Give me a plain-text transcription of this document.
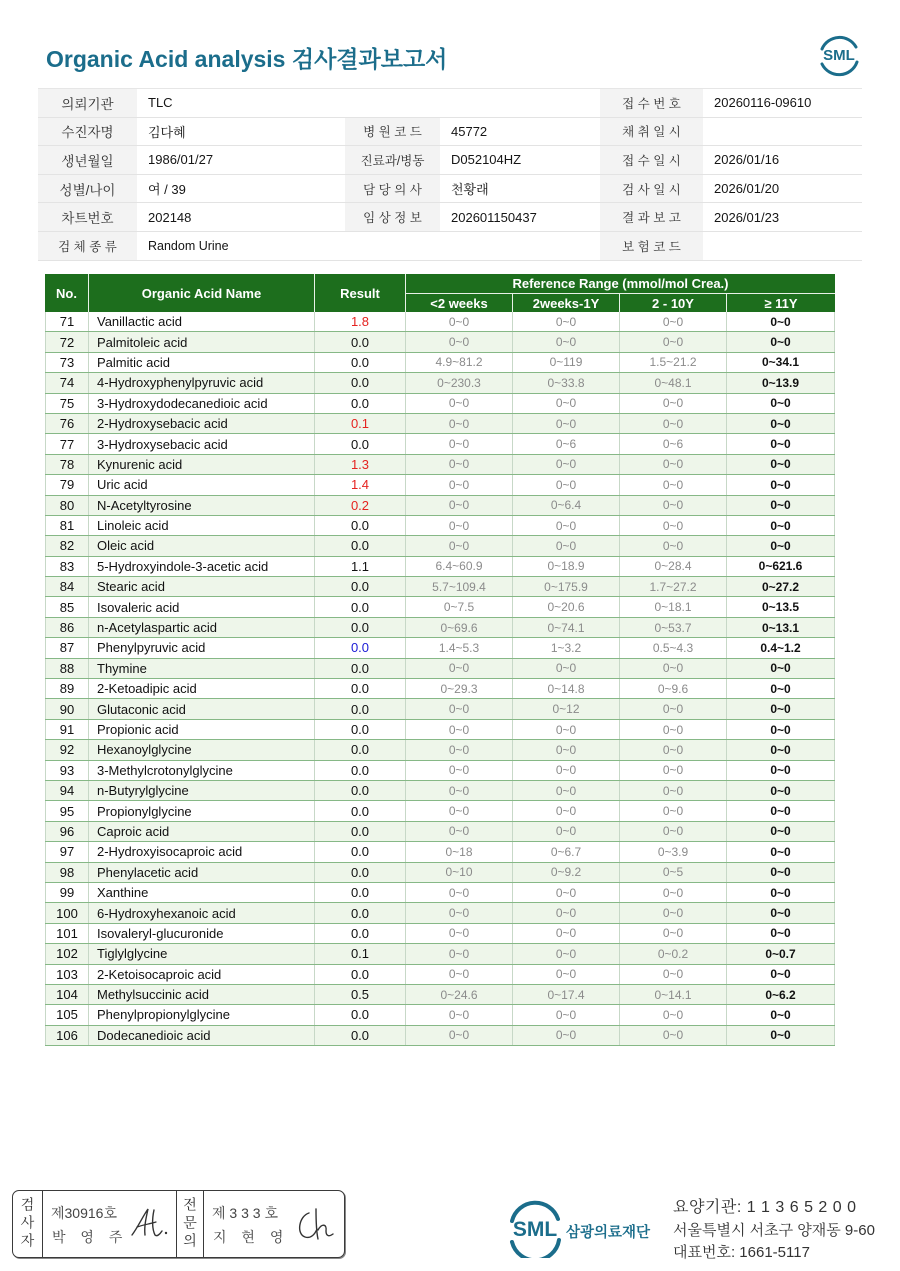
Organic Acid analysis 검사결과보고서	SML
의뢰기관	TLC	접 수 번 호	20260116-09610
수진자명	김다혜	병 원 코 드	45772	채 취 일 시
생년월일	1986/01/27	진료과/병동	D052104HZ	접 수 일 시	2026/01/16
성별/나이	여 / 39	담 당 의 사	천황래	검 사 일 시	2026/01/20
차트번호	202148	임 상 정 보	202601150437	결 과 보 고	2026/01/23
검 체 종 류	Random Urine	보 험 코 드
No.	Organic Acid Name	Result
Reference Range (mmol/mol Crea.)
<2 weeks	2weeks-1Y	2 - 10Y	≥ 11Y
71	Vanillactic acid	1.8	0~0	0~0	0~0	0~0
72	Palmitoleic acid	0.0	0~0	0~0	0~0	0~0
73	Palmitic acid	0.0	4.9~81.2	0~119	1.5~21.2	0~34.1
74	4-Hydroxyphenylpyruvic acid	0.0	0~230.3	0~33.8	0~48.1	0~13.9
75	3-Hydroxydodecanedioic acid	0.0	0~0	0~0	0~0	0~0
76	2-Hydroxysebacic acid	0.1	0~0	0~0	0~0	0~0
77	3-Hydroxysebacic acid	0.0	0~0	0~6	0~6	0~0
78	Kynurenic acid	1.3	0~0	0~0	0~0	0~0
79	Uric acid	1.4	0~0	0~0	0~0	0~0
80	N-Acetyltyrosine	0.2	0~0	0~6.4	0~0	0~0
81	Linoleic acid	0.0	0~0	0~0	0~0	0~0
82	Oleic acid	0.0	0~0	0~0	0~0	0~0
83	5-Hydroxyindole-3-acetic acid	1.1	6.4~60.9	0~18.9	0~28.4	0~621.6
84	Stearic acid	0.0	5.7~109.4	0~175.9	1.7~27.2	0~27.2
85	Isovaleric acid	0.0	0~7.5	0~20.6	0~18.1	0~13.5
86	n-Acetylaspartic acid	0.0	0~69.6	0~74.1	0~53.7	0~13.1
87	Phenylpyruvic acid	0.0	1.4~5.3	1~3.2	0.5~4.3	0.4~1.2
88	Thymine	0.0	0~0	0~0	0~0	0~0
89	2-Ketoadipic acid	0.0	0~29.3	0~14.8	0~9.6	0~0
90	Glutaconic acid	0.0	0~0	0~12	0~0	0~0
91	Propionic acid	0.0	0~0	0~0	0~0	0~0
92	Hexanoylglycine	0.0	0~0	0~0	0~0	0~0
93	3-Methylcrotonylglycine	0.0	0~0	0~0	0~0	0~0
94	n-Butyrylglycine	0.0	0~0	0~0	0~0	0~0
95	Propionylglycine	0.0	0~0	0~0	0~0	0~0
96	Caproic acid	0.0	0~0	0~0	0~0	0~0
97	2-Hydroxyisocaproic acid	0.0	0~18	0~6.7	0~3.9	0~0
98	Phenylacetic acid	0.0	0~10	0~9.2	0~5	0~0
99	Xanthine	0.0	0~0	0~0	0~0	0~0
100	6-Hydroxyhexanoic acid	0.0	0~0	0~0	0~0	0~0
101	Isovaleryl-glucuronide	0.0	0~0	0~0	0~0	0~0
102	Tiglylglycine	0.1	0~0	0~0	0~0.2	0~0.7
103	2-Ketoisocaproic acid	0.0	0~0	0~0	0~0	0~0
104	Methylsuccinic acid	0.5	0~24.6	0~17.4	0~14.1	0~6.2
105	Phenylpropionylglycine	0.0	0~0	0~0	0~0	0~0
106	Dodecanedioic acid	0.0	0~0	0~0	0~0	0~0
검사자 제30916호
박 영 주	전문의 제 3 3 3 호
지 현 영	SML 삼광의료재단
요양기관: 1 1 3 6 5 2 0 0
서울특별시 서초구 양재동 9-60
대표번호: 1661-5117
